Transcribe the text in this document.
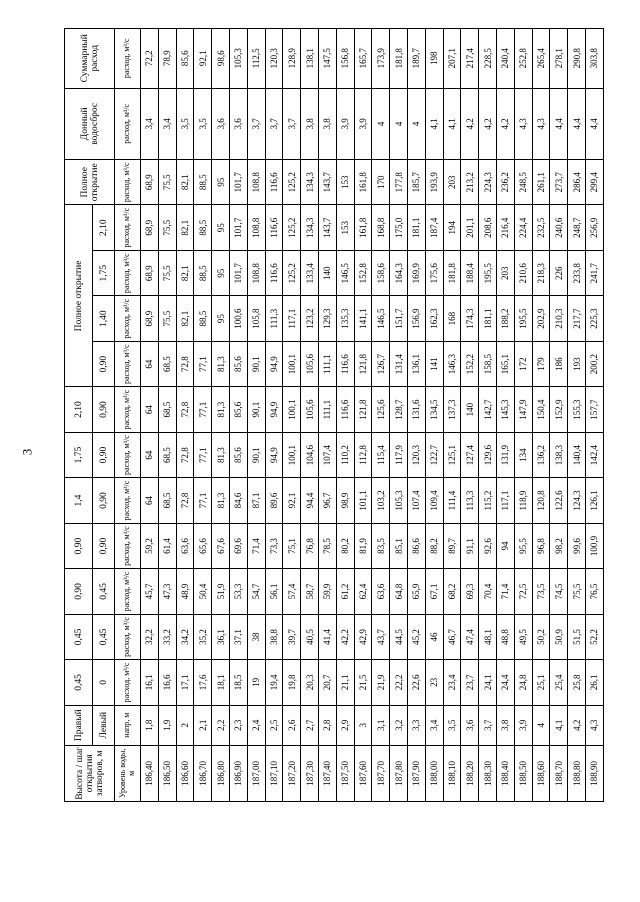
3
Высота / шаг открытия затворов, м	Правый	0,45	0,45	0,90	0,90	1,4	1,75	2,10	Полное открытие				Полное открытие	Донный водосброс	Суммарный расход
	Левый	0	0,45	0,45	0,90	0,90	0,90	0,90	0,90	1,40	1,75	2,10			
Уровень воды, м	напр, м	расход, м³/с	расход, м³/с	расход, м³/с	расход, м³/с	расход, м³/с	расход, м³/с	расход, м³/с	расход, м³/с	расход, м³/с	расход, м³/с	расход, м³/с	расход, м³/с	расход, м³/с	расход, м³/с
186,40	1,8	16,1	32,2	45,7	59,2	64	64	64	64	68,9	68,9	68,9	68,9	3,4	72,2
186,50	1,9	16,6	33,2	47,3	61,4	68,5	68,5	68,5	68,5	75,5	75,5	75,5	75,5	3,4	78,9
186,60	2	17,1	34,2	48,9	63,6	72,8	72,8	72,8	72,8	82,1	82,1	82,1	82,1	3,5	85,6
186,70	2,1	17,6	35,2	50,4	65,6	77,1	77,1	77,1	77,1	88,5	88,5	88,5	88,5	3,5	92,1
186,80	2,2	18,1	36,1	51,9	67,6	81,3	81,3	81,3	81,3	95	95	95	95	3,6	98,6
186,90	2,3	18,5	37,1	53,3	69,6	84,6	85,6	85,6	85,6	100,6	101,7	101,7	101,7	3,6	105,3
187,00	2,4	19	38	54,7	71,4	87,1	90,1	90,1	90,1	105,8	108,8	108,8	108,8	3,7	112,5
187,10	2,5	19,4	38,8	56,1	73,3	89,6	94,9	94,9	94,9	111,3	116,6	116,6	116,6	3,7	120,3
187,20	2,6	19,8	39,7	57,4	75,1	92,1	100,1	100,1	100,1	117,1	125,2	125,2	125,2	3,7	128,9
187,30	2,7	20,3	40,5	58,7	76,8	94,4	104,6	105,6	105,6	123,2	133,4	134,3	134,3	3,8	138,1
187,40	2,8	20,7	41,4	59,9	78,5	96,7	107,4	111,1	111,1	129,3	140	143,7	143,7	3,8	147,5
187,50	2,9	21,1	42,2	61,2	80,2	98,9	110,2	116,6	116,6	135,3	146,5	153	153	3,9	156,8
187,60	3	21,5	42,9	62,4	81,9	101,1	112,8	121,8	121,8	141,1	152,8	161,8	161,8	3,9	165,7
187,70	3,1	21,9	43,7	63,6	83,5	103,2	115,4	125,6	126,7	146,5	158,6	168,8	170	4	173,9
187,80	3,2	22,2	44,5	64,8	85,1	105,3	117,9	128,7	131,4	151,7	164,3	175,0	177,8	4	181,8
187,90	3,3	22,6	45,2	65,9	86,6	107,4	120,3	131,6	136,1	156,9	169,9	181,1	185,7	4	189,7
188,00	3,4	23	46	67,1	88,2	109,4	122,7	134,5	141	162,3	175,6	187,4	193,9	4,1	198
188,10	3,5	23,4	46,7	68,2	89,7	111,4	125,1	137,3	146,3	168	181,8	194	203	4,1	207,1
188,20	3,6	23,7	47,4	69,3	91,1	113,3	127,4	140	152,2	174,3	188,4	201,1	213,2	4,2	217,4
188,30	3,7	24,1	48,1	70,4	92,6	115,2	129,6	142,7	158,5	181,1	195,5	208,6	224,3	4,2	228,5
188,40	3,8	24,4	48,8	71,4	94	117,1	131,9	145,3	165,1	188,2	203	216,4	236,2	4,2	240,4
188,50	3,9	24,8	49,5	72,5	95,5	118,9	134	147,9	172	195,5	210,6	224,4	248,5	4,3	252,8
188,60	4	25,1	50,2	73,5	96,8	120,8	136,2	150,4	179	202,9	218,3	232,5	261,1	4,3	265,4
188,70	4,1	25,4	50,9	74,5	98,2	122,6	138,3	152,9	186	210,3	226	240,6	273,7	4,4	278,1
188,80	4,2	25,8	51,5	75,5	99,6	124,3	140,4	155,3	193	217,7	233,8	248,7	286,4	4,4	290,8
188,90	4,3	26,1	52,2	76,5	100,9	126,1	142,4	157,7	200,2	225,3	241,7	256,9	299,4	4,4	303,8
